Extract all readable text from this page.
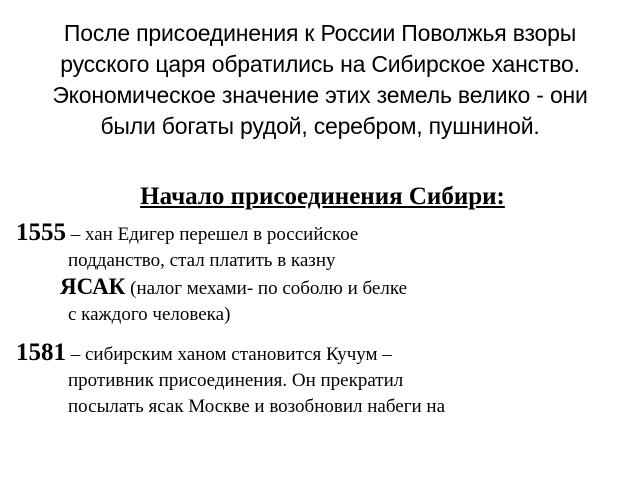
После присоединения к России Поволжья взоры русского царя обратились на Сибирское ханство. Экономическое значение этих земель велико - они были богаты рудой, серебром, пушниной.
Начало присоединения Сибири:

1555 – хан Едигер перешел в российское
подданство, стал платить в казну
ЯСАК (налог мехами- по соболю и белке
с каждого человека)

1581 – сибирским ханом становится Кучум –
противник присоединения. Он прекратил
посылать ясак Москве и возобновил набеги на
